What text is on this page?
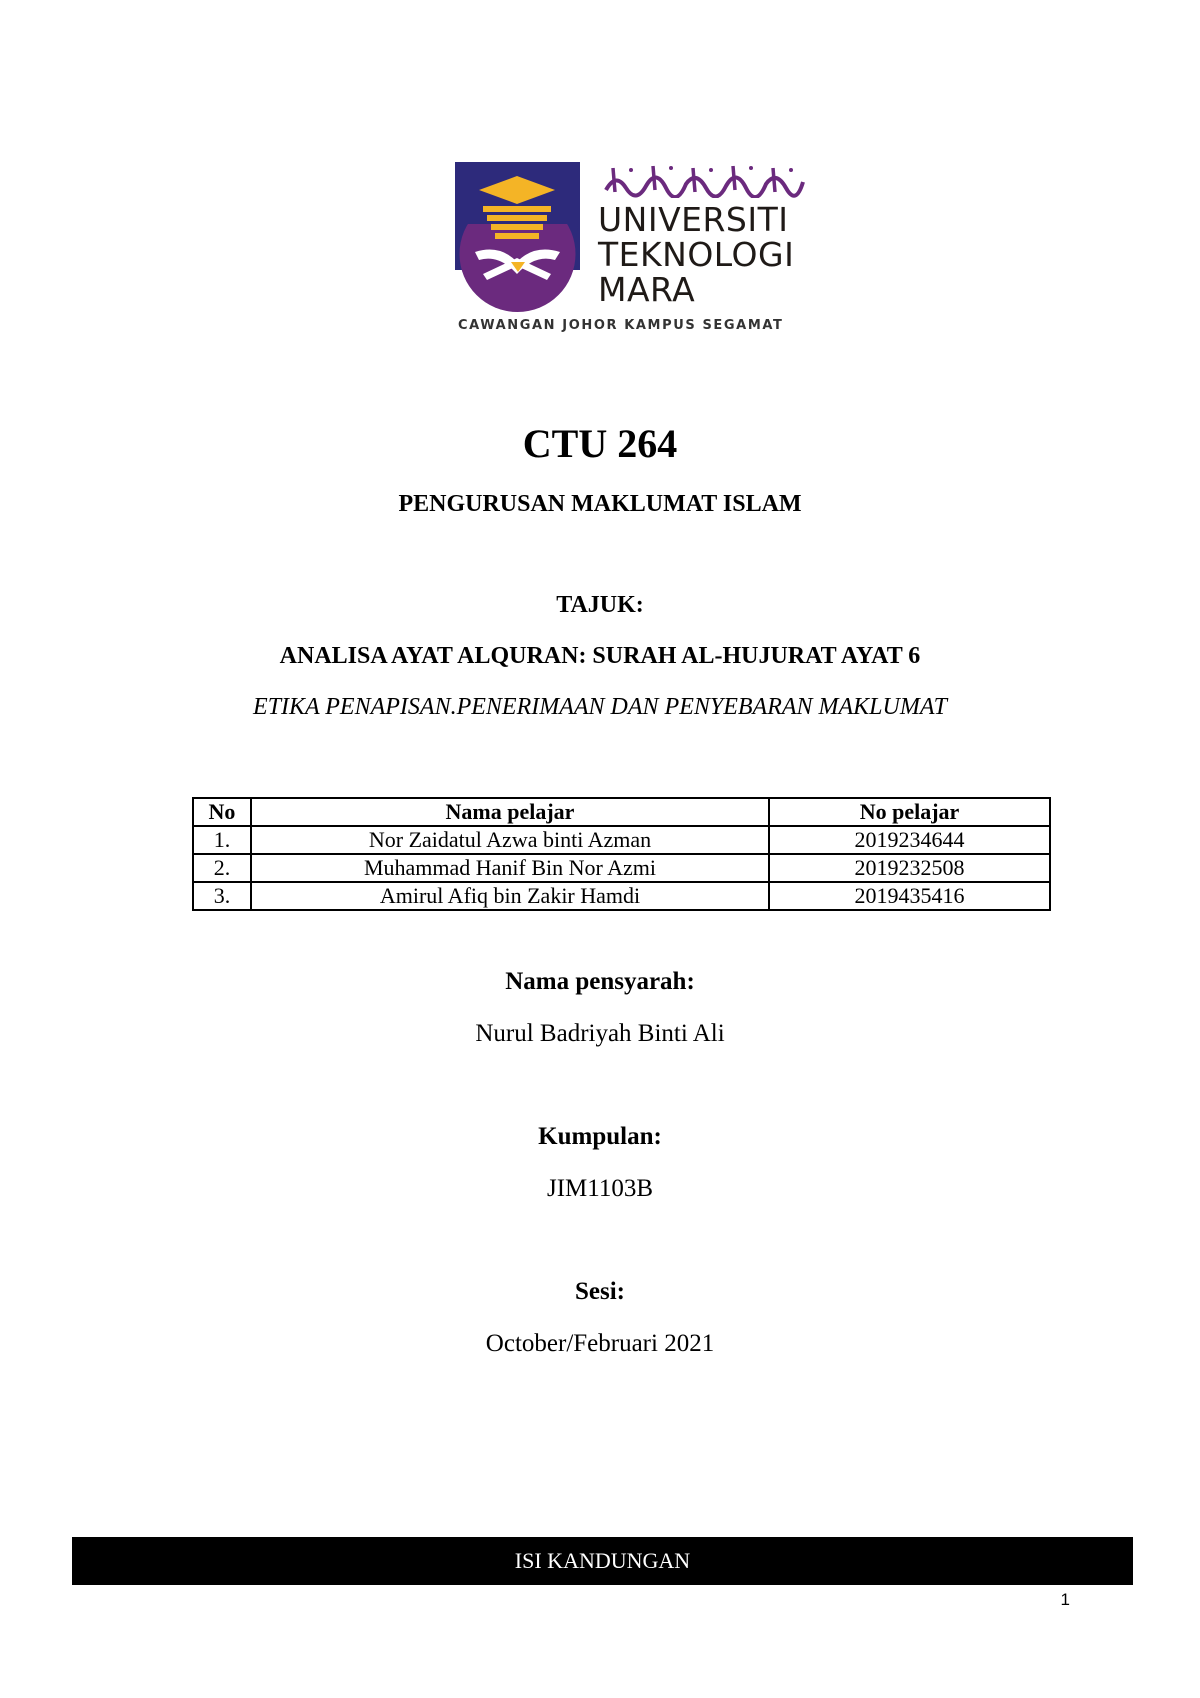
UNIVERSITI
TEKNOLOGI
MARA
CAWANGAN JOHOR KAMPUS SEGAMAT
CTU 264
PENGURUSAN MAKLUMAT ISLAM
TAJUK:
ANALISA AYAT ALQURAN: SURAH AL-HUJURAT AYAT 6
ETIKA PENAPISAN.PENERIMAAN DAN PENYEBARAN MAKLUMAT
No	Nama pelajar	No pelajar
1.	Nor Zaidatul Azwa binti Azman	2019234644
2.	Muhammad Hanif Bin Nor Azmi	2019232508
3.	Amirul Afiq bin Zakir Hamdi	2019435416
Nama pensyarah:
Nurul Badriyah Binti Ali
Kumpulan:
JIM1103B
Sesi:
October/Februari 2021
ISI KANDUNGAN
1
